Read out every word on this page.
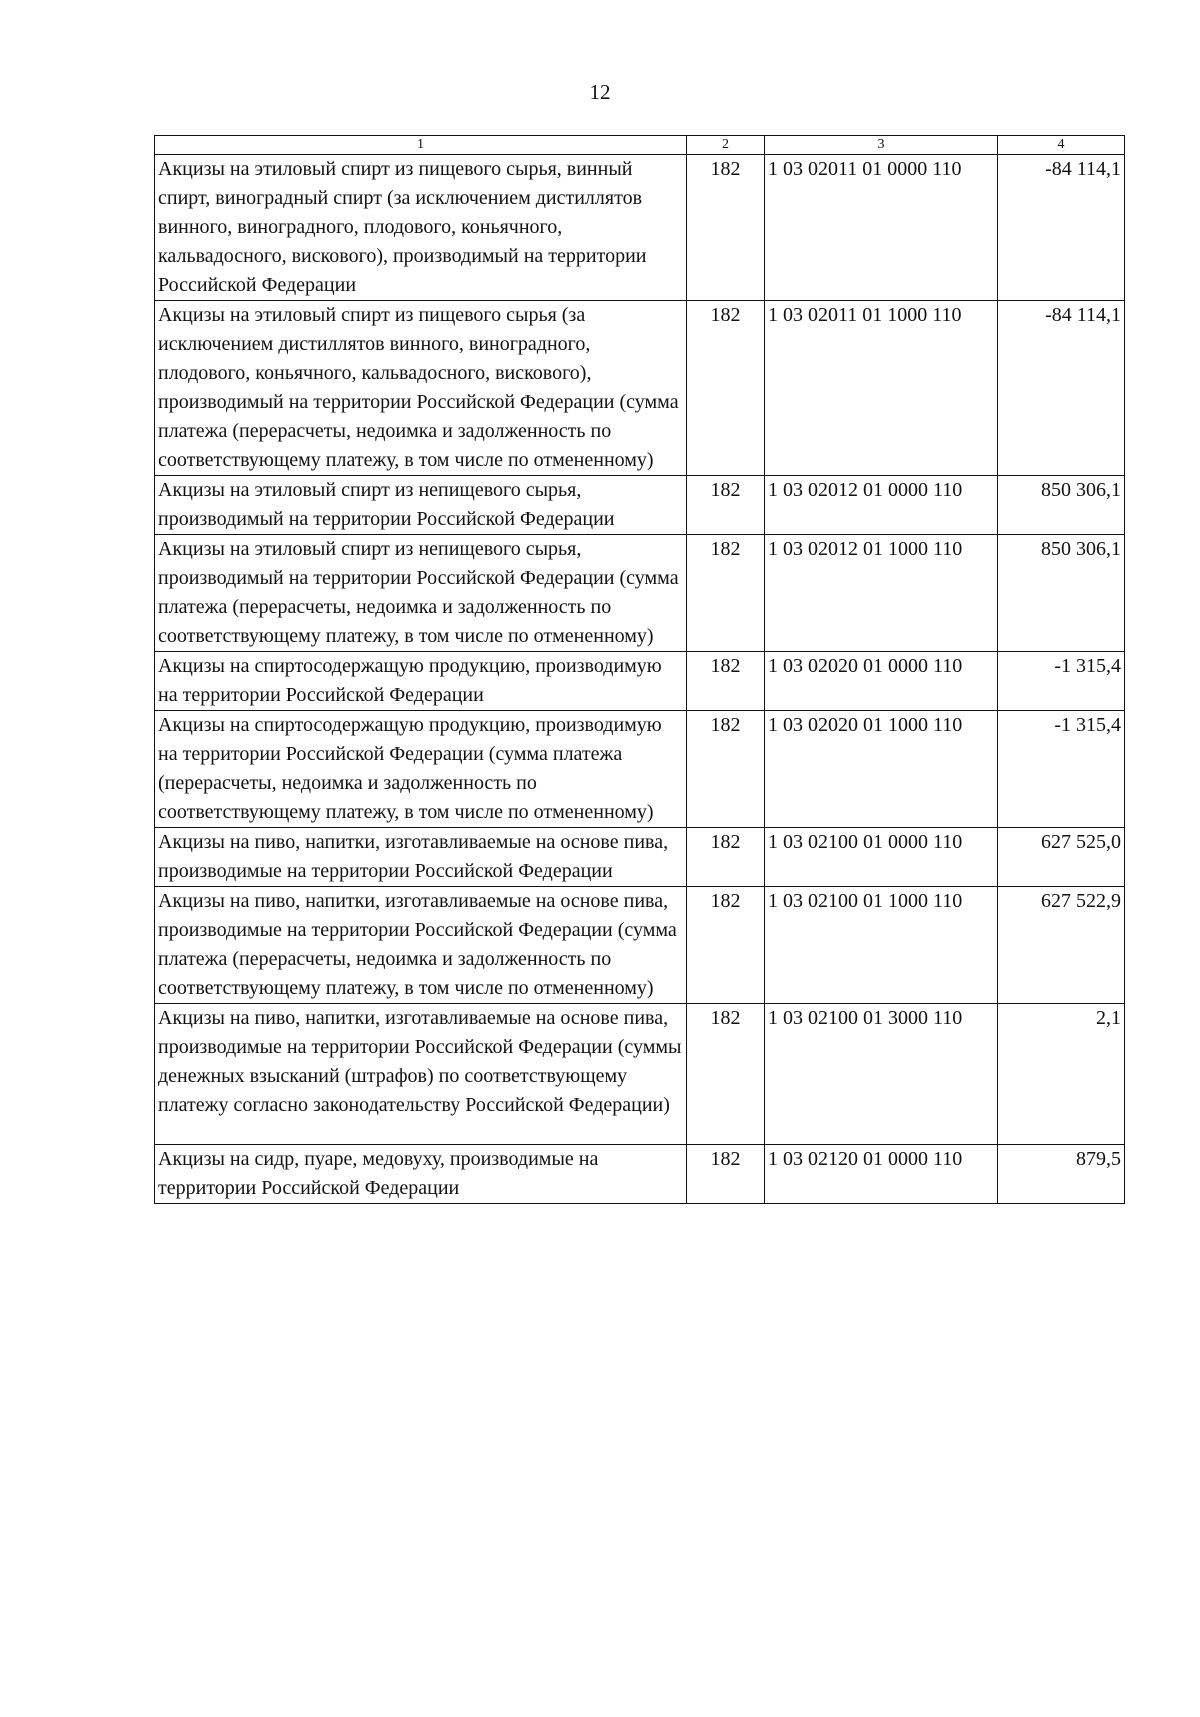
12
1	2	3	4
Акцизы на этиловый спирт из пищевого сырья, винный спирт, виноградный спирт (за исключением дистиллятов винного, виноградного, плодового, коньячного, кальвадосного, вискового), производимый на территории Российской Федерации	182	1 03 02011 01 0000 110	-84 114,1
Акцизы на этиловый спирт из пищевого сырья (за исключением дистиллятов винного, виноградного, плодового, коньячного, кальвадосного, вискового), производимый на территории Российской Федерации (сумма платежа (перерасчеты, недоимка и задолженность по соответствующему платежу, в том числе по отмененному)	182	1 03 02011 01 1000 110	-84 114,1
Акцизы на этиловый спирт из непищевого сырья, производимый на территории Российской Федерации	182	1 03 02012 01 0000 110	850 306,1
Акцизы на этиловый спирт из непищевого сырья, производимый на территории Российской Федерации (сумма платежа (перерасчеты, недоимка и задолженность по соответствующему платежу, в том числе по отмененному)	182	1 03 02012 01 1000 110	850 306,1
Акцизы на спиртосодержащую продукцию, производимую на территории Российской Федерации	182	1 03 02020 01 0000 110	-1 315,4
Акцизы на спиртосодержащую продукцию, производимую на территории Российской Федерации (сумма платежа (перерасчеты, недоимка и задолженность по соответствующему платежу, в том числе по отмененному)	182	1 03 02020 01 1000 110	-1 315,4
Акцизы на пиво, напитки, изготавливаемые на основе пива, производимые на территории Российской Федерации	182	1 03 02100 01 0000 110	627 525,0
Акцизы на пиво, напитки, изготавливаемые на основе пива, производимые на территории Российской Федерации (сумма платежа (перерасчеты, недоимка и задолженность по соответствующему платежу, в том числе по отмененному)	182	1 03 02100 01 1000 110	627 522,9
Акцизы на пиво, напитки, изготавливаемые на основе пива, производимые на территории Российской Федерации (суммы денежных взысканий (штрафов) по соответствующему платежу согласно законодательству Российской Федерации)	182	1 03 02100 01 3000 110	2,1
Акцизы на сидр, пуаре, медовуху, производимые на территории Российской Федерации	182	1 03 02120 01 0000 110	879,5
